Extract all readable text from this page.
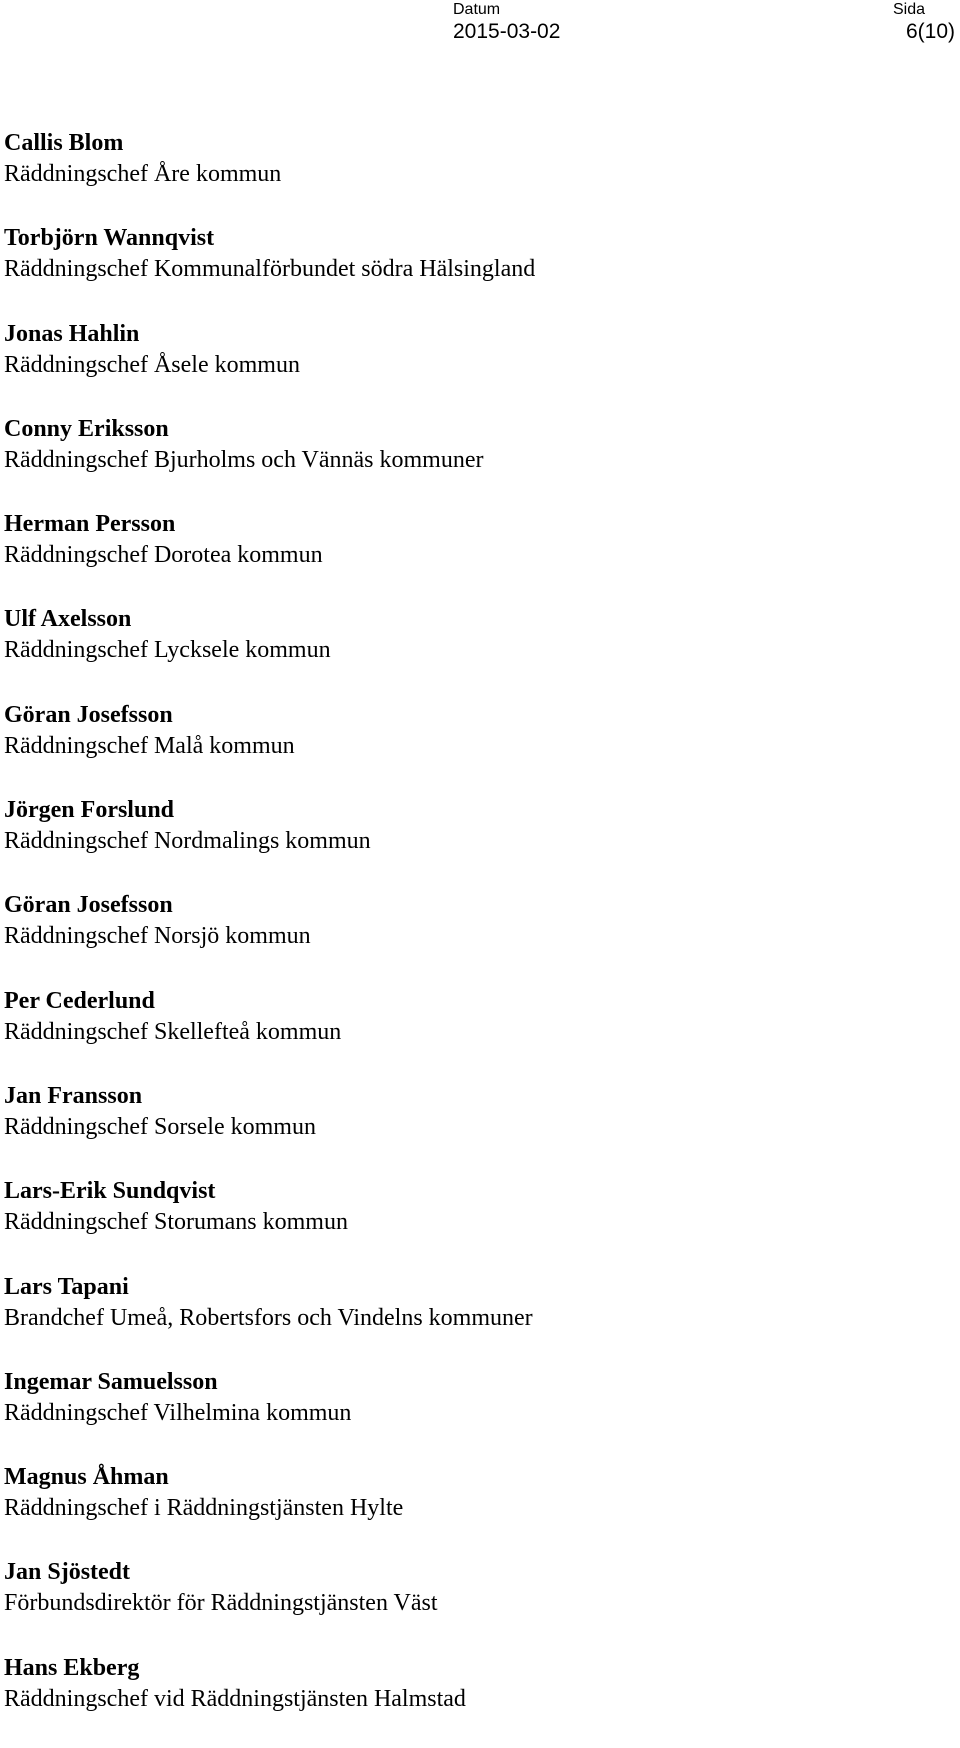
Datum
2015-03-02
Sida
6(10)
Callis Blom
Räddningschef Åre kommun
Torbjörn Wannqvist
Räddningschef Kommunalförbundet södra Hälsingland
Jonas Hahlin
Räddningschef Åsele kommun
Conny Eriksson
Räddningschef Bjurholms och Vännäs kommuner
Herman Persson
Räddningschef Dorotea kommun
Ulf Axelsson
Räddningschef Lycksele kommun
Göran Josefsson
Räddningschef Malå kommun
Jörgen Forslund
Räddningschef Nordmalings kommun
Göran Josefsson
Räddningschef Norsjö kommun
Per Cederlund
Räddningschef Skellefteå kommun
Jan Fransson
Räddningschef Sorsele kommun
Lars-Erik Sundqvist
Räddningschef Storumans kommun
Lars Tapani
Brandchef Umeå, Robertsfors och Vindelns kommuner
Ingemar Samuelsson
Räddningschef Vilhelmina kommun
Magnus Åhman
Räddningschef i Räddningstjänsten Hylte
Jan Sjöstedt
Förbundsdirektör för Räddningstjänsten Väst
Hans Ekberg
Räddningschef vid Räddningstjänsten Halmstad
